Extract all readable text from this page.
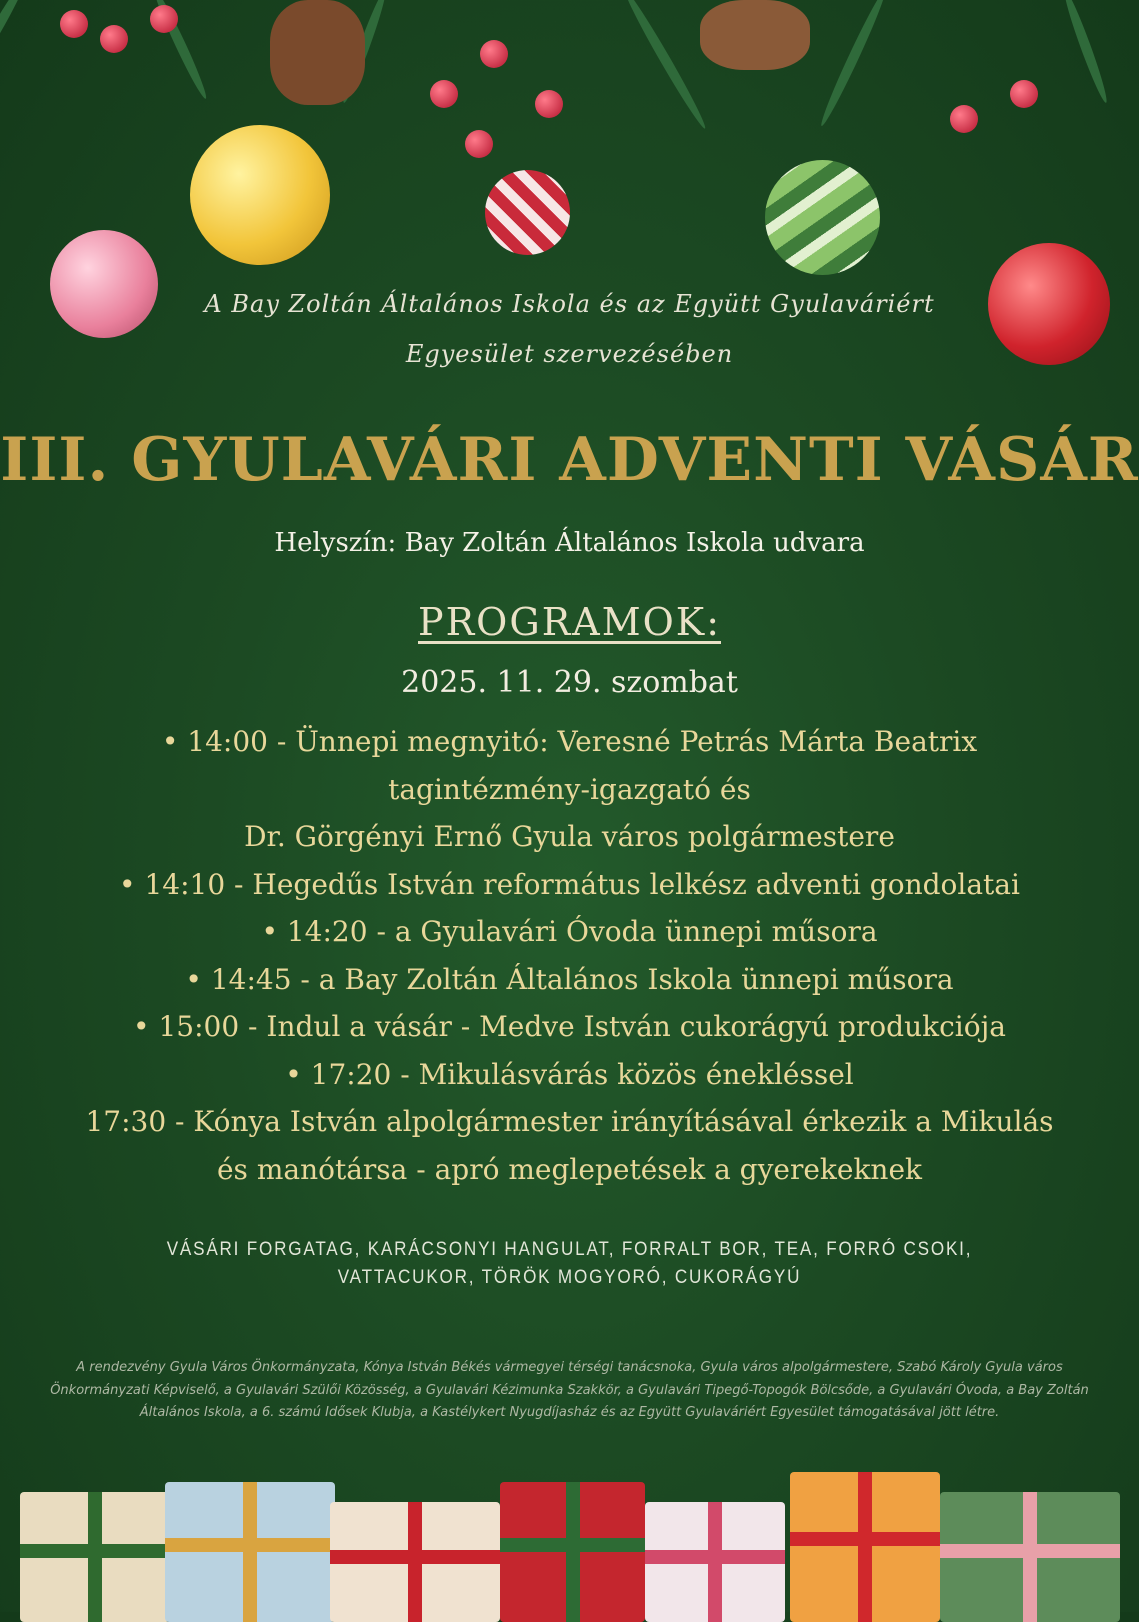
A Bay Zoltán Általános Iskola és az Együtt Gyulaváriért
Egyesület szervezésében
III. GYULAVÁRI ADVENTI VÁSÁR
Helyszín: Bay Zoltán Általános Iskola udvara
PROGRAMOK:
2025. 11. 29. szombat
• 14:00 - Ünnepi megnyitó: Veresné Petrás Márta Beatrix
tagintézmény-igazgató és
Dr. Görgényi Ernő Gyula város polgármestere
• 14:10 - Hegedűs István református lelkész adventi gondolatai
• 14:20 - a Gyulavári Óvoda ünnepi műsora
• 14:45 - a Bay Zoltán Általános Iskola ünnepi műsora
• 15:00 - Indul a vásár - Medve István cukorágyú produkciója
• 17:20 - Mikulásvárás közös énekléssel
17:30 - Kónya István alpolgármester irányításával érkezik a Mikulás
és manótársa - apró meglepetések a gyerekeknek
VÁSÁRI FORGATAG, KARÁCSONYI HANGULAT, FORRALT BOR, TEA, FORRÓ CSOKI,
VATTACUKOR, TÖRÖK MOGYORÓ, CUKORÁGYÚ
A rendezvény Gyula Város Önkormányzata, Kónya István Békés vármegyei térségi tanácsnoka, Gyula város alpolgármestere, Szabó Károly Gyula város Önkormányzati Képviselő, a Gyulavári Szülői Közösség, a Gyulavári Kézimunka Szakkör, a Gyulavári Tipegő-Topogók Bölcsőde, a Gyulavári Óvoda, a Bay Zoltán Általános Iskola, a 6. számú Idősek Klubja, a Kastélykert Nyugdíjasház és az Együtt Gyulaváriért Egyesület támogatásával jött létre.
